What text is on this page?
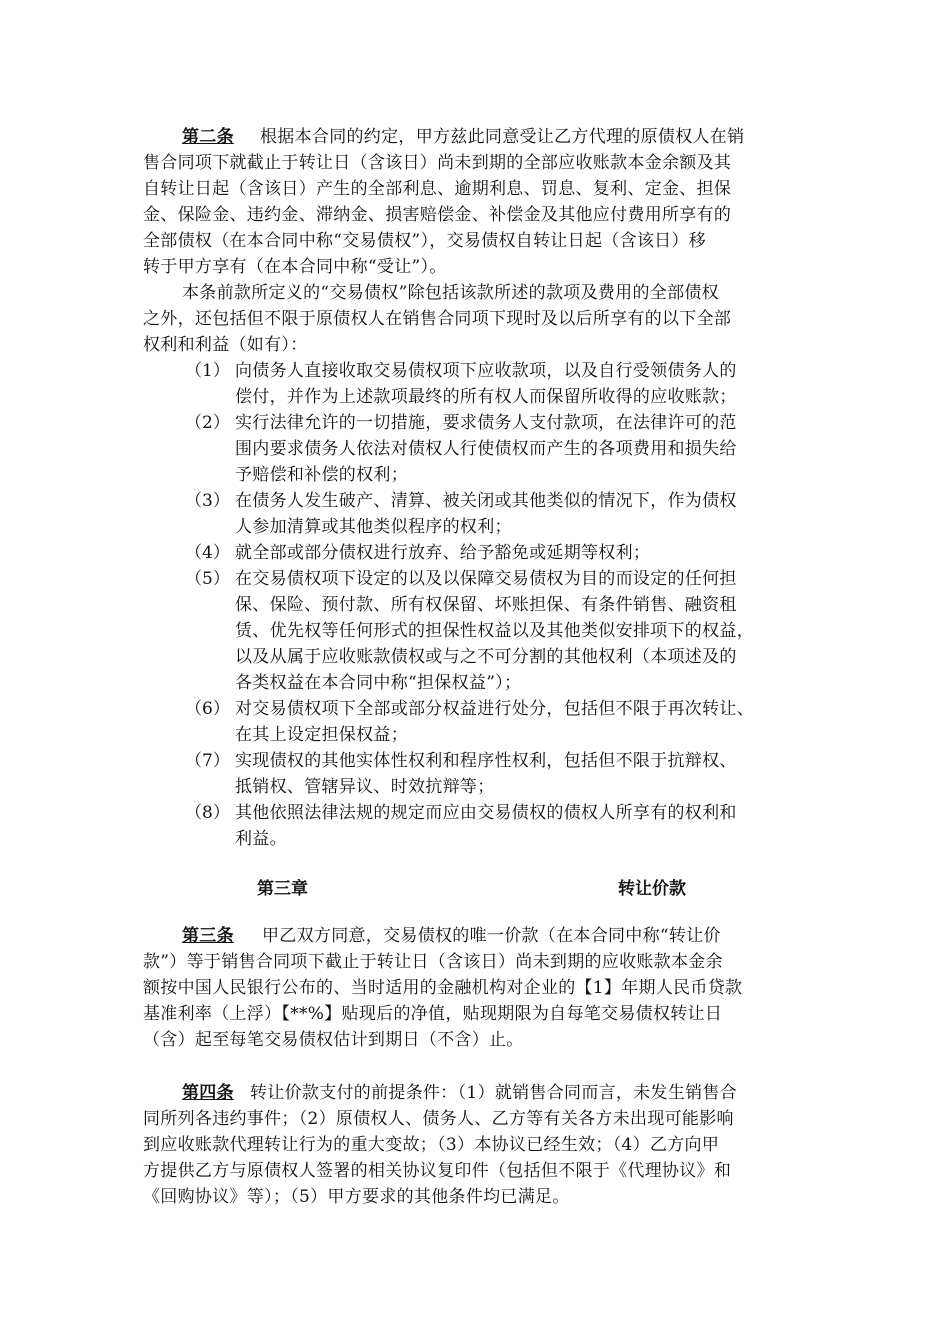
第二条 根据本合同的约定，甲方兹此同意受让乙方代理的原债权人在销
售合同项下就截止于转让日（含该日）尚未到期的全部应收账款本金余额及其
自转让日起（含该日）产生的全部利息、逾期利息、罚息、复利、定金、担保
金、保险金、违约金、滞纳金、损害赔偿金、补偿金及其他应付费用所享有的
全部债权（在本合同中称“交易债权”），交易债权自转让日起（含该日）移
转于甲方享有（在本合同中称“受让”）。
本条前款所定义的“交易债权”除包括该款所述的款项及费用的全部债权
之外，还包括但不限于原债权人在销售合同项下现时及以后所享有的以下全部
权利和利益（如有）：
（1） 向债务人直接收取交易债权项下应收款项，以及自行受领债务人的
偿付，并作为上述款项最终的所有权人而保留所收得的应收账款；
（2） 实行法律允许的一切措施，要求债务人支付款项，在法律许可的范
围内要求债务人依法对债权人行使债权而产生的各项费用和损失给
予赔偿和补偿的权利；
（3） 在债务人发生破产、清算、被关闭或其他类似的情况下，作为债权
人参加清算或其他类似程序的权利；
（4） 就全部或部分债权进行放弃、给予豁免或延期等权利；
（5） 在交易债权项下设定的以及以保障交易债权为目的而设定的任何担
保、保险、预付款、所有权保留、坏账担保、有条件销售、融资租
赁、优先权等任何形式的担保性权益以及其他类似安排项下的权益，
以及从属于应收账款债权或与之不可分割的其他权利（本项述及的
各类权益在本合同中称“担保权益”）；
（6） 对交易债权项下全部或部分权益进行处分，包括但不限于再次转让、
在其上设定担保权益；
（7） 实现债权的其他实体性权利和程序性权利，包括但不限于抗辩权、
抵销权、管辖异议、时效抗辩等；
（8） 其他依照法律法规的规定而应由交易债权的债权人所享有的权利和
利益。
第三章	转让价款
第三条 甲乙双方同意，交易债权的唯一价款（在本合同中称“转让价
款”）等于销售合同项下截止于转让日（含该日）尚未到期的应收账款本金余
额按中国人民银行公布的、当时适用的金融机构对企业的【1】年期人民币贷款
基准利率（上浮）【**%】贴现后的净值，贴现期限为自每笔交易债权转让日
（含）起至每笔交易债权估计到期日（不含）止。
第四条 转让价款支付的前提条件：（1）就销售合同而言，未发生销售合
同所列各违约事件；（2）原债权人、债务人、乙方等有关各方未出现可能影响
到应收账款代理转让行为的重大变故；（3）本协议已经生效；（4）乙方向甲
方提供乙方与原债权人签署的相关协议复印件（包括但不限于《代理协议》和
《回购协议》等）；（5）甲方要求的其他条件均已满足。
